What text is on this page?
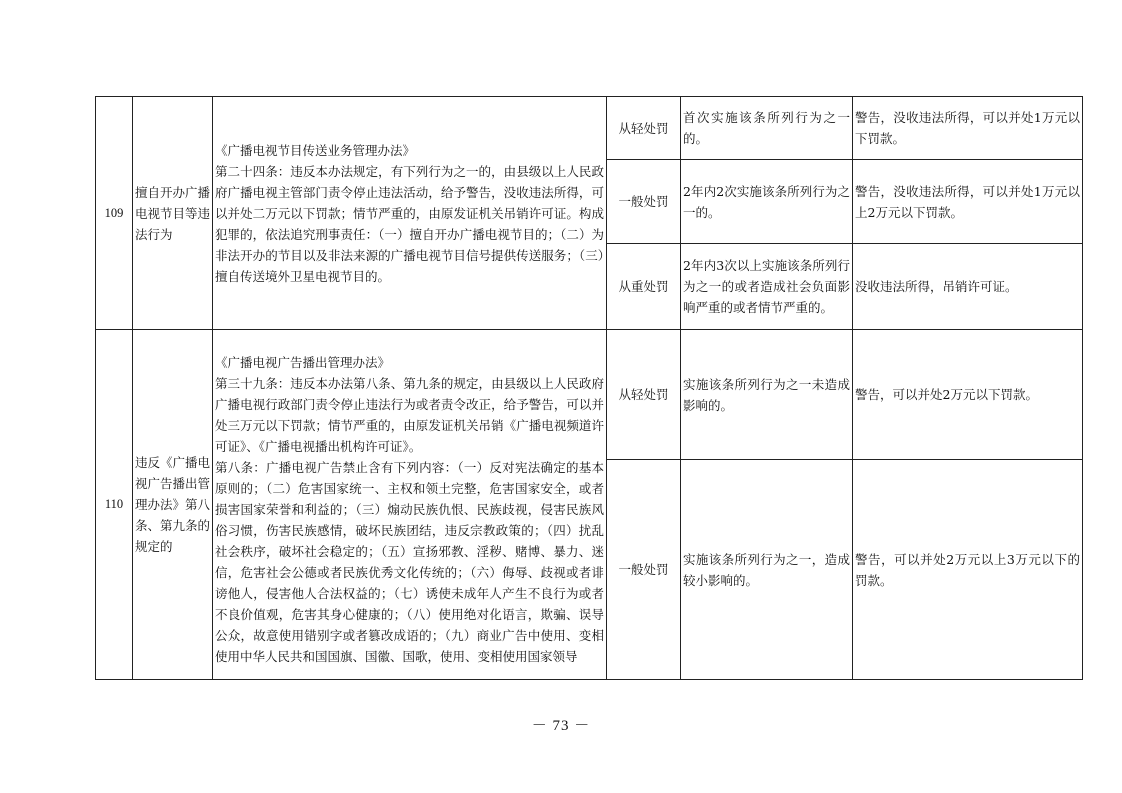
109	擅自开办广播电视节目等违法行为	《广播电视节目传送业务管理办法》
第二十四条：违反本办法规定，有下列行为之一的，由县级以上人民政府广播电视主管部门责令停止违法活动，给予警告，没收违法所得，可以并处二万元以下罚款；情节严重的，由原发证机关吊销许可证。构成犯罪的，依法追究刑事责任：（一）擅自开办广播电视节目的；（二）为非法开办的节目以及非法来源的广播电视节目信号提供传送服务；（三）擅自传送境外卫星电视节目的。	从轻处罚	首次实施该条所列行为之一的。	警告，没收违法所得，可以并处1万元以下罚款。
			一般处罚	2年内2次实施该条所列行为之一的。	警告，没收违法所得，可以并处1万元以上2万元以下罚款。
			从重处罚	2年内3次以上实施该条所列行为之一的或者造成社会负面影响严重的或者情节严重的。	没收违法所得，吊销许可证。
110	违反《广播电视广告播出管理办法》第八条、第九条的规定的	《广播电视广告播出管理办法》
第三十九条：违反本办法第八条、第九条的规定，由县级以上人民政府广播电视行政部门责令停止违法行为或者责令改正，给予警告，可以并处三万元以下罚款；情节严重的，由原发证机关吊销《广播电视频道许可证》、《广播电视播出机构许可证》。
第八条：广播电视广告禁止含有下列内容：（一）反对宪法确定的基本原则的；（二）危害国家统一、主权和领土完整，危害国家安全，或者损害国家荣誉和利益的；（三）煽动民族仇恨、民族歧视，侵害民族风俗习惯，伤害民族感情，破坏民族团结，违反宗教政策的；（四）扰乱社会秩序，破坏社会稳定的；（五）宣扬邪教、淫秽、赌博、暴力、迷信，危害社会公德或者民族优秀文化传统的；（六）侮辱、歧视或者诽谤他人，侵害他人合法权益的；（七）诱使未成年人产生不良行为或者不良价值观，危害其身心健康的；（八）使用绝对化语言，欺骗、误导公众，故意使用错别字或者篡改成语的；（九）商业广告中使用、变相使用中华人民共和国国旗、国徽、国歌，使用、变相使用国家领导	从轻处罚	实施该条所列行为之一未造成影响的。	警告，可以并处2万元以下罚款。
			一般处罚	实施该条所列行为之一，造成较小影响的。	警告，可以并处2万元以上3万元以下的罚款。
－ 73 －
